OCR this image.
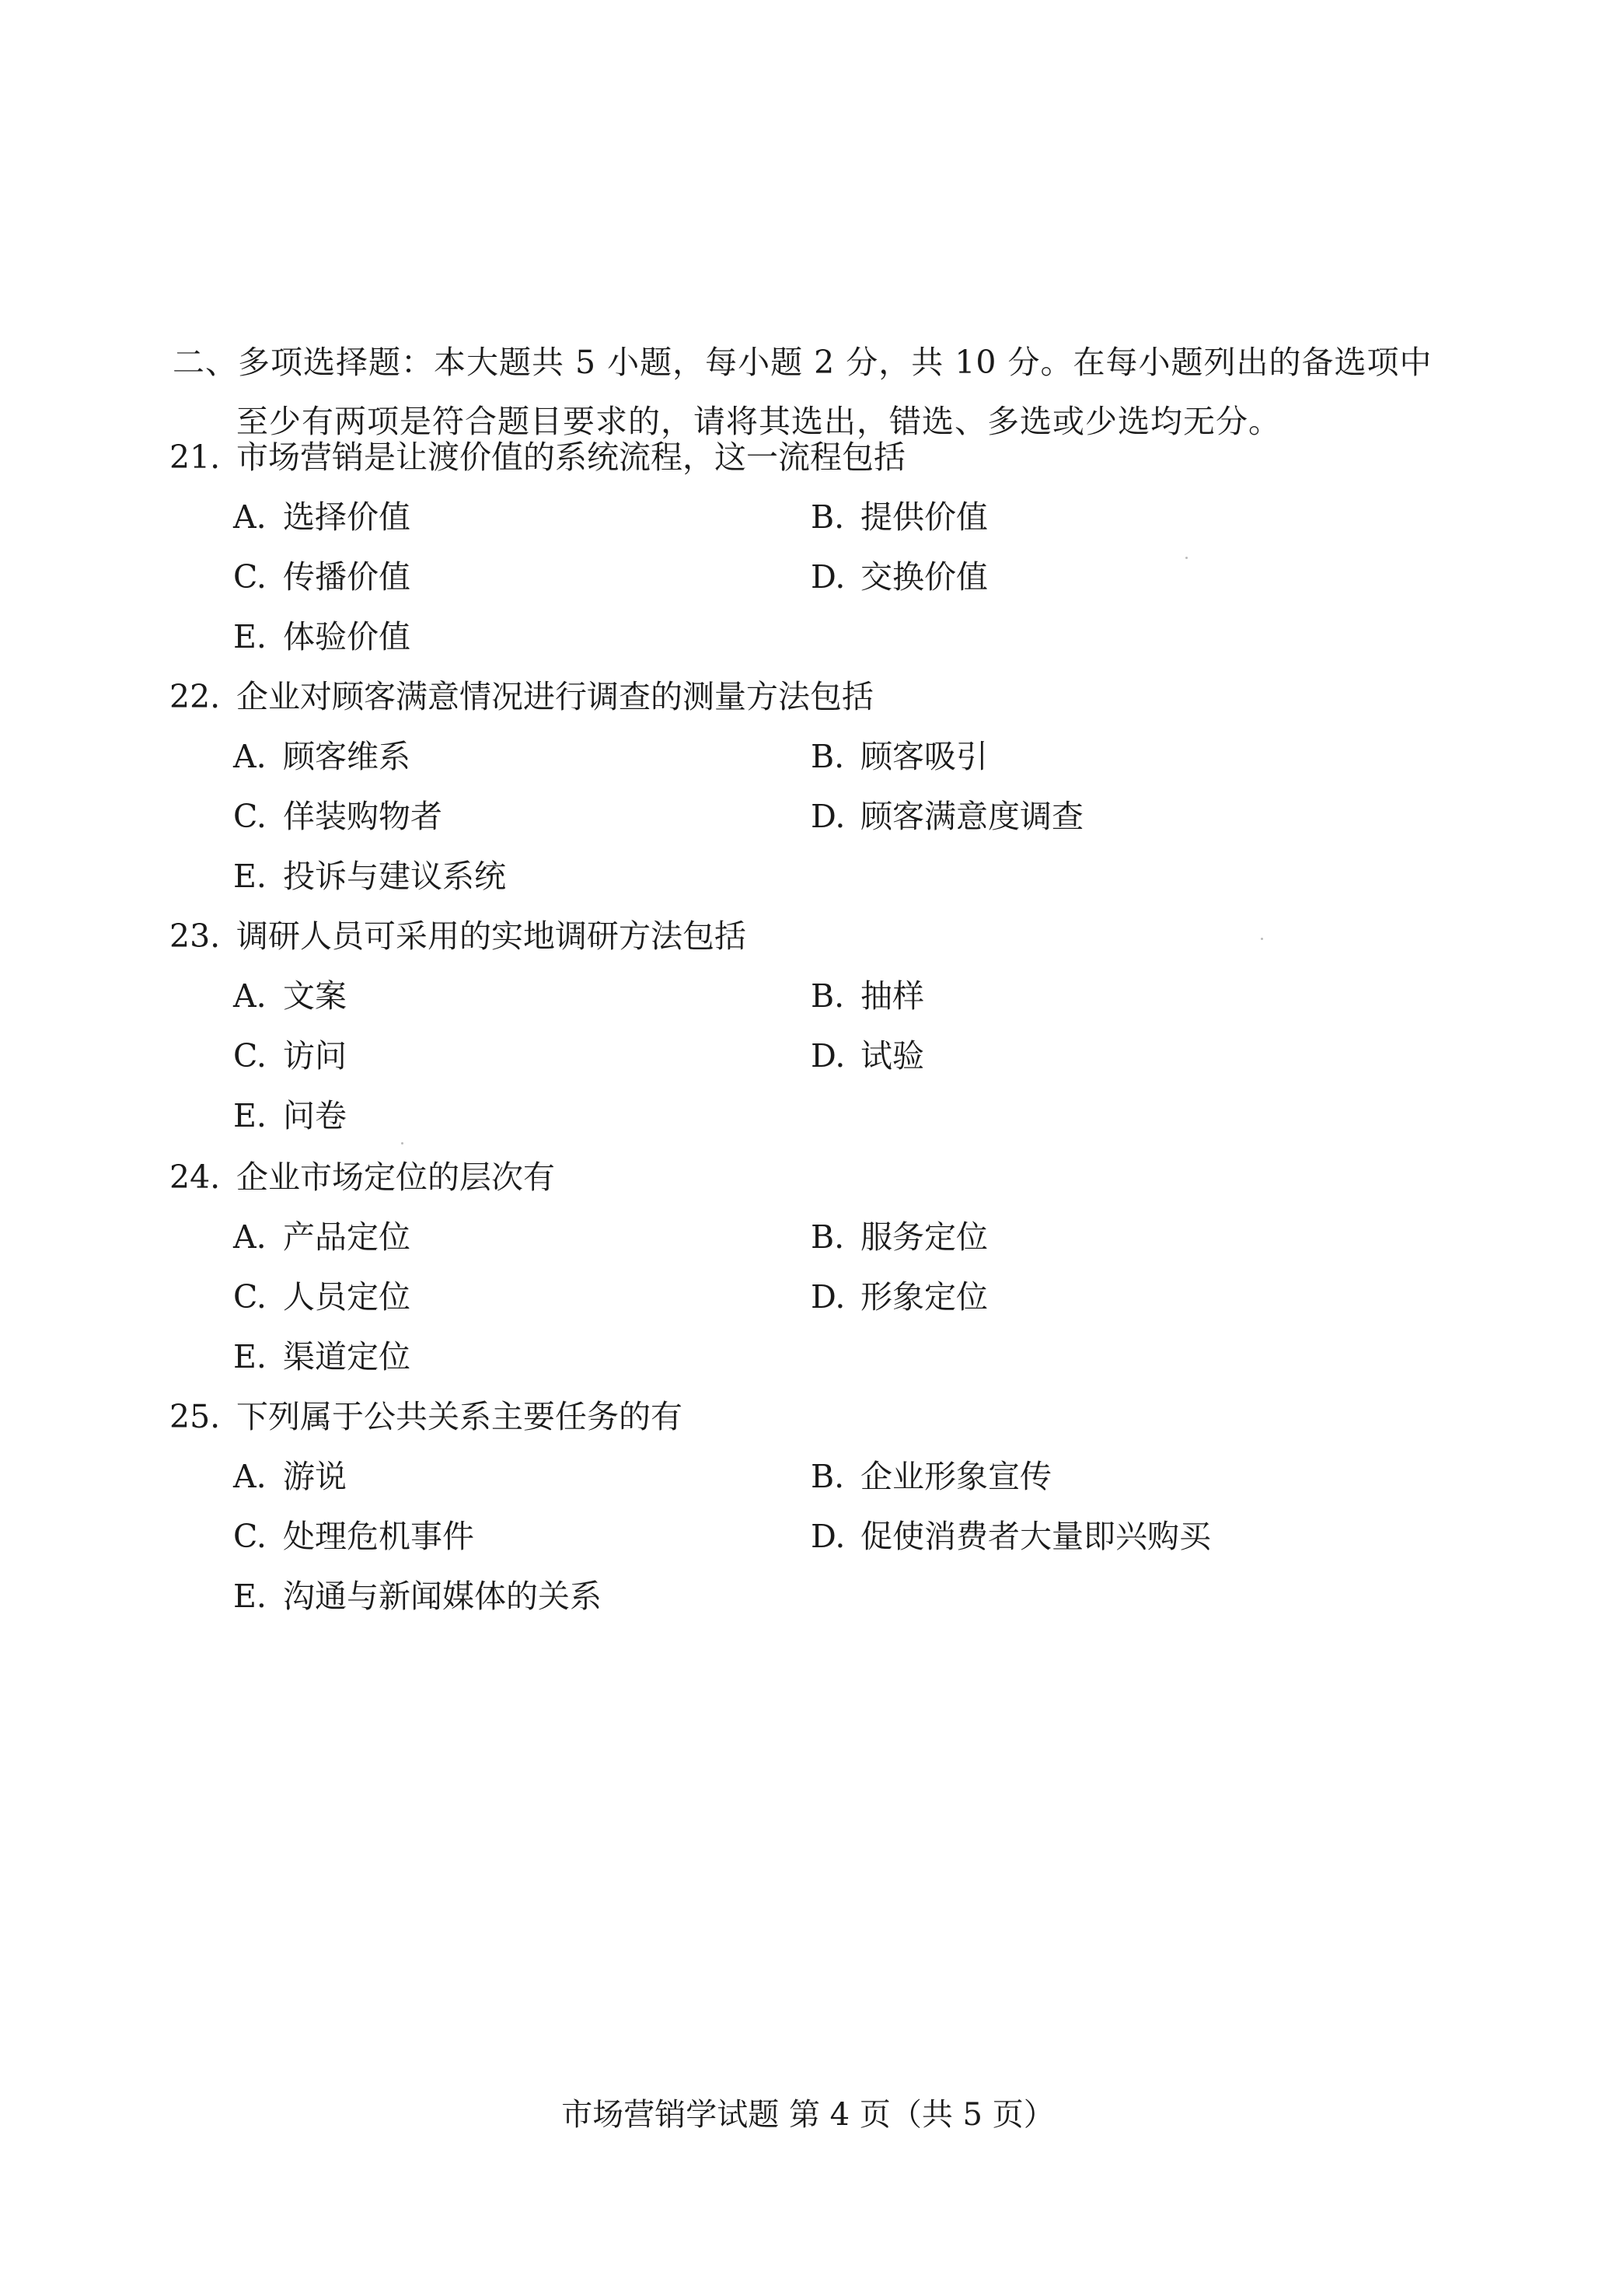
二、多项选择题：本大题共 5 小题，每小题 2 分，共 10 分。在每小题列出的备选项中
至少有两项是符合题目要求的，请将其选出，错选、多选或少选均无分。
21. 市场营销是让渡价值的系统流程，这一流程包括
A. 选择价值	B. 提供价值
C. 传播价值	D. 交换价值
E. 体验价值
22. 企业对顾客满意情况进行调查的测量方法包括
A. 顾客维系	B. 顾客吸引
C. 佯装购物者	D. 顾客满意度调查
E. 投诉与建议系统
23. 调研人员可采用的实地调研方法包括
A. 文案	B. 抽样
C. 访问	D. 试验
E. 问卷
24. 企业市场定位的层次有
A. 产品定位	B. 服务定位
C. 人员定位	D. 形象定位
E. 渠道定位
25. 下列属于公共关系主要任务的有
A. 游说	B. 企业形象宣传
C. 处理危机事件	D. 促使消费者大量即兴购买
E. 沟通与新闻媒体的关系
市场营销学试题 第 4 页（共 5 页）
